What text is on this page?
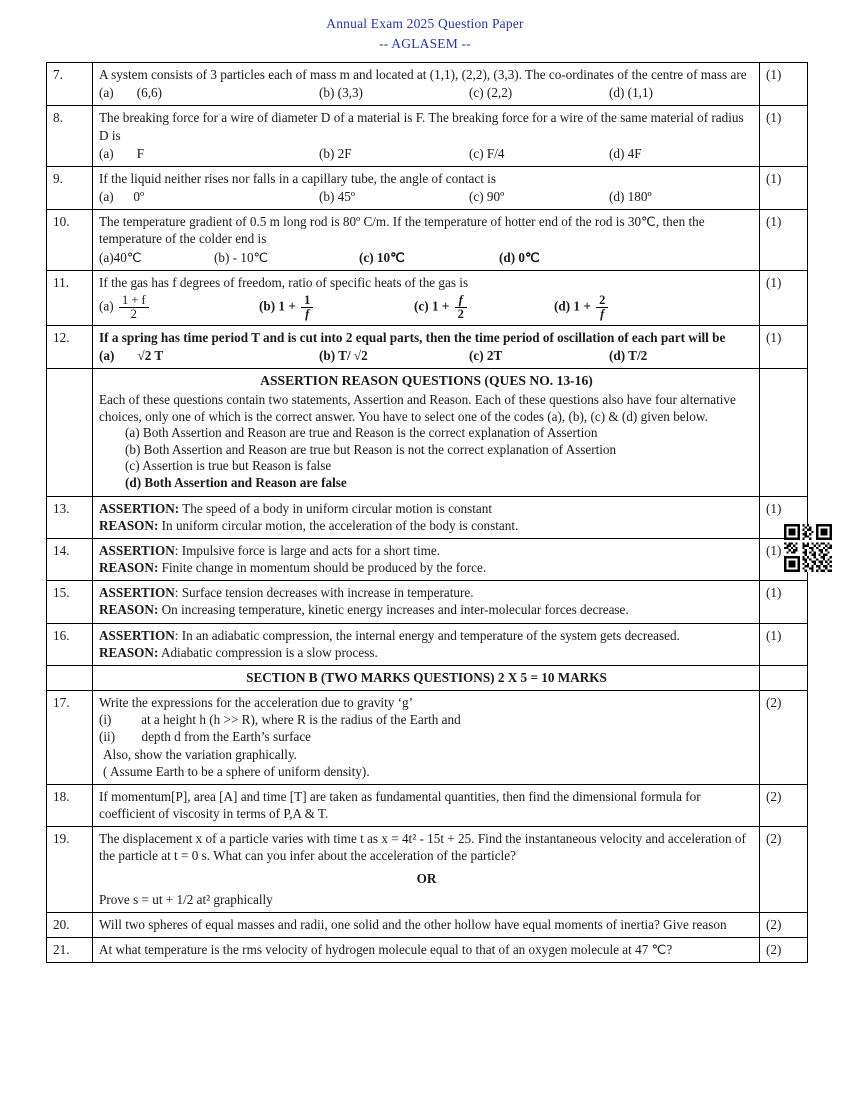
Annual Exam 2025 Question Paper
-- AGLASEM --
7.	A system consists of 3 particles each of mass m and located at (1,1), (2,2), (3,3). The co-ordinates of the centre of mass are
(a)       (6,6) (b) (3,3) (c) (2,2) (d) (1,1)	(1)
8.	The breaking force for a wire of diameter D of a material is F. The breaking force for a wire of the same material of radius D is
(a)       F (b) 2F (c) F/4 (d) 4F	(1)
9.	If the liquid neither rises nor falls in a capillary tube, the angle of contact is
(a)      0º (b) 45º (c) 90º (d) 180º	(1)
10.	The temperature gradient of 0.5 m long rod is 80º C/m. If the temperature of hotter end of the rod is 30℃, then the temperature of the colder end is
(a)40℃ (b) - 10℃ (c) 10℃ (d) 0℃	(1)
11.	If the gas has f degrees of freedom, ratio of specific heats of the gas is
$(a) \frac{1 + f}{2}$	(b) $1 + \frac{1}{f}$	(c) $1 + \frac{f}{2}$	(d) $1 + \frac{2}{f}$
	(1)
12.	If a spring has time period T and is cut into 2 equal parts, then the time period of oscillation of each part will be
(a)       √2 T (b) T/ √2 (c) 2T (d) T/2	(1)

ASSERTION REASON QUESTIONS (QUES NO. 13-16)
Each of these questions contain two statements, Assertion and Reason. Each of these questions also have four alternative choices, only one of which is the correct answer. You have to select one of the codes (a), (b), (c) & (d) given below.
(a) Both Assertion and Reason are true and Reason is the correct explanation of Assertion
(b) Both Assertion and Reason are true but Reason is not the correct explanation of Assertion
(c) Assertion is true but Reason is false
(d) Both Assertion and Reason are false

13.	ASSERTION: The speed of a body in uniform circular motion is constant
REASON: In uniform circular motion, the acceleration of the body is constant.	(1)
14.	ASSERTION: Impulsive force is large and acts for a short time.
REASON: Finite change in momentum should be produced by the force.	(1)
15.	ASSERTION: Surface tension decreases with increase in temperature.
REASON: On increasing temperature, kinetic energy increases and inter-molecular forces decrease.	(1)
16.	ASSERTION: In an adiabatic compression, the internal energy and temperature of the system gets decreased.
REASON: Adiabatic compression is a slow process.	(1)
	SECTION B (TWO MARKS QUESTIONS) 2 X 5 = 10 MARKS	
17.	Write the expressions for the acceleration due to gravity ‘g’
(i)         at a height h (h >> R), where R is the radius of the Earth and
(ii)        depth d from the Earth’s surface
Also, show the variation graphically.
( Assume Earth to be a sphere of uniform density).	(2)
18.	If momentum[P], area [A] and time [T] are taken as fundamental quantities, then find the dimensional formula for coefficient of viscosity in terms of P,A & T.	(2)
19.	The displacement x of a particle varies with time t as x = 4t² - 15t + 25. Find the instantaneous velocity and acceleration of the particle at t = 0 s. What can you infer about the acceleration of the particle?
OR
Prove s = ut + 1/2 at² graphically	(2)
20.	Will two spheres of equal masses and radii, one solid and the other hollow have equal moments of inertia? Give reason	(2)
21.	At what temperature is the rms velocity of hydrogen molecule equal to that of an oxygen molecule at 47 ℃?	(2)
